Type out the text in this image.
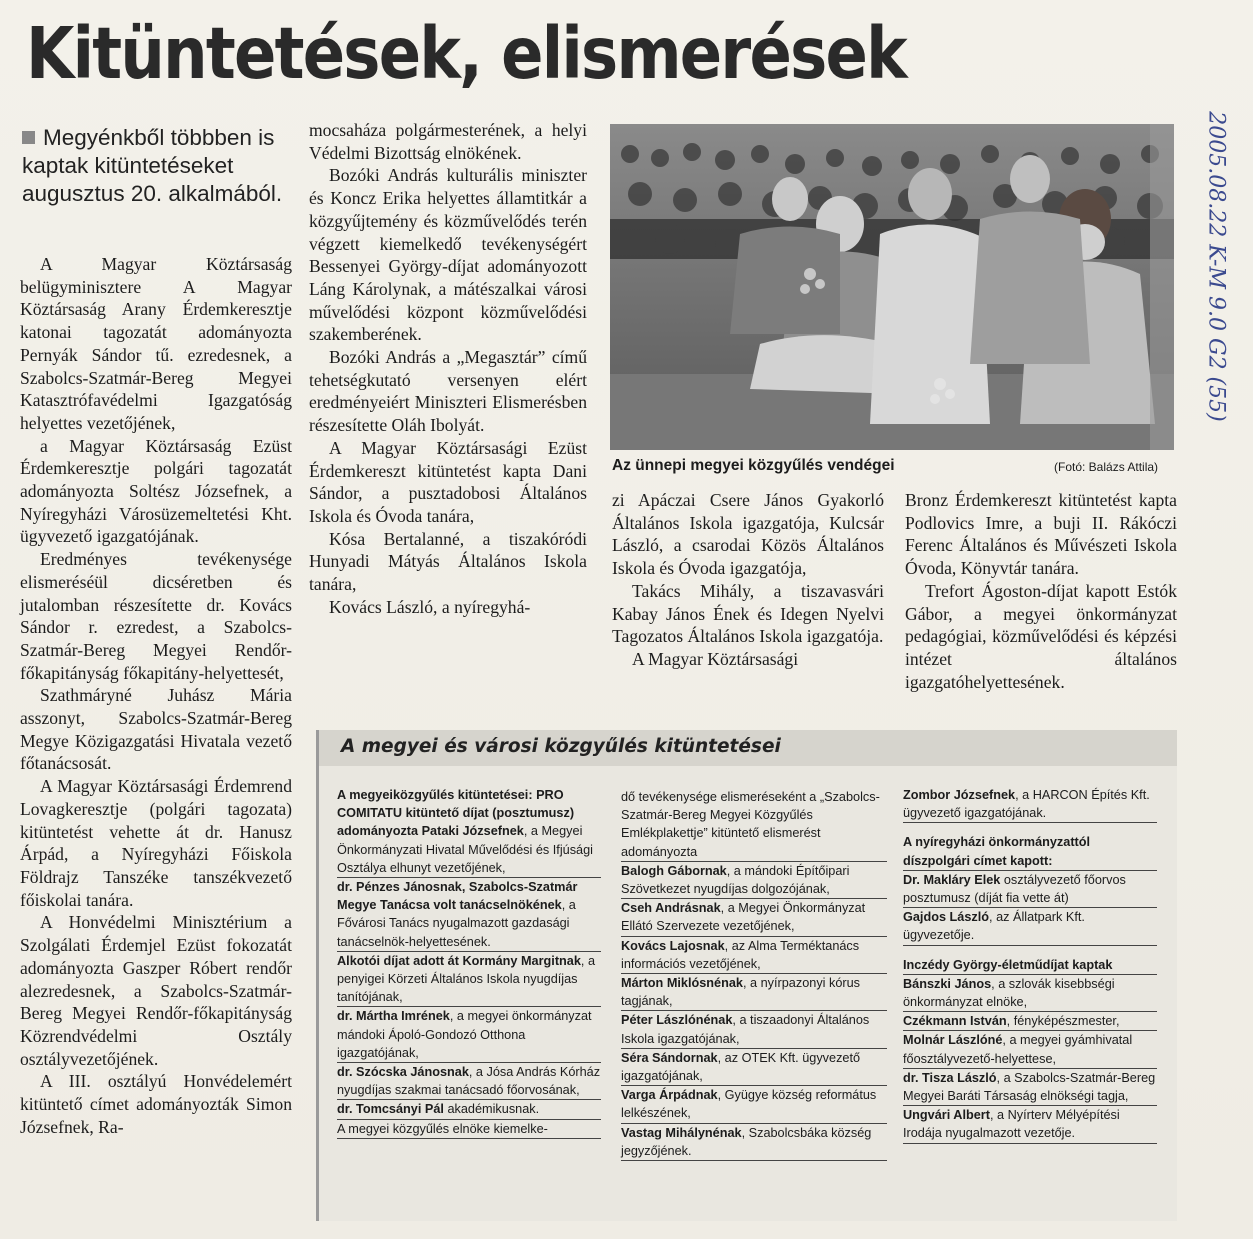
Kitüntetések, elismerések
2005.08.22 K-M 9.0 G2 (55)
Megyénkből többben is kaptak kitüntetéseket augusztus 20. alkalmából.

A Magyar Köztársaság belügyminisztere A Magyar Köztársaság Arany Érdemkeresztje katonai tagozatát adományozta Pernyák Sándor tű. ezredesnek, a Szabolcs-Szatmár-Bereg Megyei Katasztrófavédelmi Igazgatóság helyettes vezetőjének,

a Magyar Köztársaság Ezüst Érdemkeresztje polgári tagozatát adományozta Soltész Józsefnek, a Nyíregyházi Városüzemeltetési Kht. ügyvezető igazgatójának.

Eredményes tevékenysége elismeréséül dicséretben és jutalomban részesítette dr. Kovács Sándor r. ezredest, a Szabolcs-Szatmár-Bereg Megyei Rendőr-főkapitányság főkapitány-helyettesét,

Szathmáryné Juhász Mária asszonyt, Szabolcs-Szatmár-Bereg Megye Közigazgatási Hivatala vezető főtanácsosát.

A Magyar Köztársasági Érdemrend Lovagkeresztje (polgári tagozata) kitüntetést vehette át dr. Hanusz Árpád, a Nyíregyházi Főiskola Földrajz Tanszéke tanszékvezető főiskolai tanára.

A Honvédelmi Minisztérium a Szolgálati Érdemjel Ezüst fokozatát adományozta Gaszper Róbert rendőr alezredesnek, a Szabolcs-Szatmár-Bereg Megyei Rendőr-főkapitányság Közrendvédelmi Osztály osztályvezetőjének.

A III. osztályú Honvédelemért kitüntető címet adományozták Simon Józsefnek, Ra-

mocsaháza polgármesterének, a helyi Védelmi Bizottság elnökének.

Bozóki András kulturális miniszter és Koncz Erika helyettes államtitkár a közgyűjtemény és közművelődés terén végzett kiemelkedő tevékenységért Bessenyei György-díjat adományozott Láng Károlynak, a mátészalkai városi művelődési központ közművelődési szakemberének.

Bozóki András a „Megasztár” című tehetségkutató versenyen elért eredményeiért Miniszteri Elismerésben részesítette Oláh Ibolyát.

A Magyar Köztársasági Ezüst Érdemkereszt kitüntetést kapta Dani Sándor, a pusztadobosi Általános Iskola és Óvoda tanára,

Kósa Bertalanné, a tiszakóródi Hunyadi Mátyás Általános Iskola tanára,

Kovács László, a nyíregyhá-

Az ünnepi megyei közgyűlés vendégei	(Fotó: Balázs Attila)

zi Apáczai Csere János Gyakorló Általános Iskola igazgatója, Kulcsár László, a csarodai Közös Általános Iskola és Óvoda igazgatója,

Takács Mihály, a tiszavasvári Kabay János Ének és Idegen Nyelvi Tagozatos Általános Iskola igazgatója.

A Magyar Köztársasági

Bronz Érdemkereszt kitüntetést kapta Podlovics Imre, a buji II. Rákóczi Ferenc Általános és Művészeti Iskola Óvoda, Könyvtár tanára.

Trefort Ágoston-díjat kapott Estók Gábor, a megyei önkormányzat pedagógiai, közművelődési és képzési intézet általános igazgatóhelyettesének.

A megyei és városi közgyűlés kitüntetései
A megyeiközgyűlés kitüntetései: PRO COMITATU kitüntető díjat (posztumusz) adományozta Pataki Józsefnek, a Megyei Önkormányzati Hivatal Művelődési és Ifjúsági Osztálya elhunyt vezetőjének,
dr. Pénzes Jánosnak, Szabolcs-Szatmár Megye Tanácsa volt tanácselnökének, a Fővárosi Tanács nyugalmazott gazdasági tanácselnök-helyettesének.
Alkotói díjat adott át Kormány Margitnak, a penyigei Körzeti Általános Iskola nyugdíjas tanítójának,
dr. Mártha Imrének, a megyei önkormányzat mándoki Ápoló-Gondozó Otthona igazgatójának,
dr. Szócska Jánosnak, a Jósa András Kórház nyugdíjas szakmai tanácsadó főorvosának,
dr. Tomcsányi Pál akadémikusnak.
A megyei közgyűlés elnöke kiemelke-
dő tevékenysége elismeréseként a „Szabolcs-Szatmár-Bereg Megyei Közgyűlés Emlékplakettje” kitüntető elismerést adományozta
Balogh Gábornak, a mándoki Építőipari Szövetkezet nyugdíjas dolgozójának,
Cseh Andrásnak, a Megyei Önkormányzat Ellátó Szervezete vezetőjének,
Kovács Lajosnak, az Alma Terméktanács információs vezetőjének,
Márton Miklósnénak, a nyírpazonyi kórus tagjának,
Péter Lászlónénak, a tiszaadonyi Általános Iskola igazgatójának,
Séra Sándornak, az OTEK Kft. ügyvezető igazgatójának,
Varga Árpádnak, Gyügye község református lelkészének,
Vastag Mihálynénak, Szabolcsbáka község jegyzőjének.
Zombor Józsefnek, a HARCON Építés Kft. ügyvezető igazgatójának.
A nyíregyházi önkormányzattól díszpolgári címet kapott:
Dr. Makláry Elek osztályvezető főorvos posztumusz (díját fia vette át)
Gajdos László, az Állatpark Kft. ügyvezetője.
Inczédy György-életműdíjat kaptak
Bánszki János, a szlovák kisebbségi önkormányzat elnöke,
Czékmann István, fényképészmester,
Molnár Lászlóné, a megyei gyámhivatal főosztályvezető-helyettese,
dr. Tisza László, a Szabolcs-Szatmár-Bereg Megyei Baráti Társaság elnökségi tagja,
Ungvári Albert, a Nyírterv Mélyépítési Irodája nyugalmazott vezetője.
